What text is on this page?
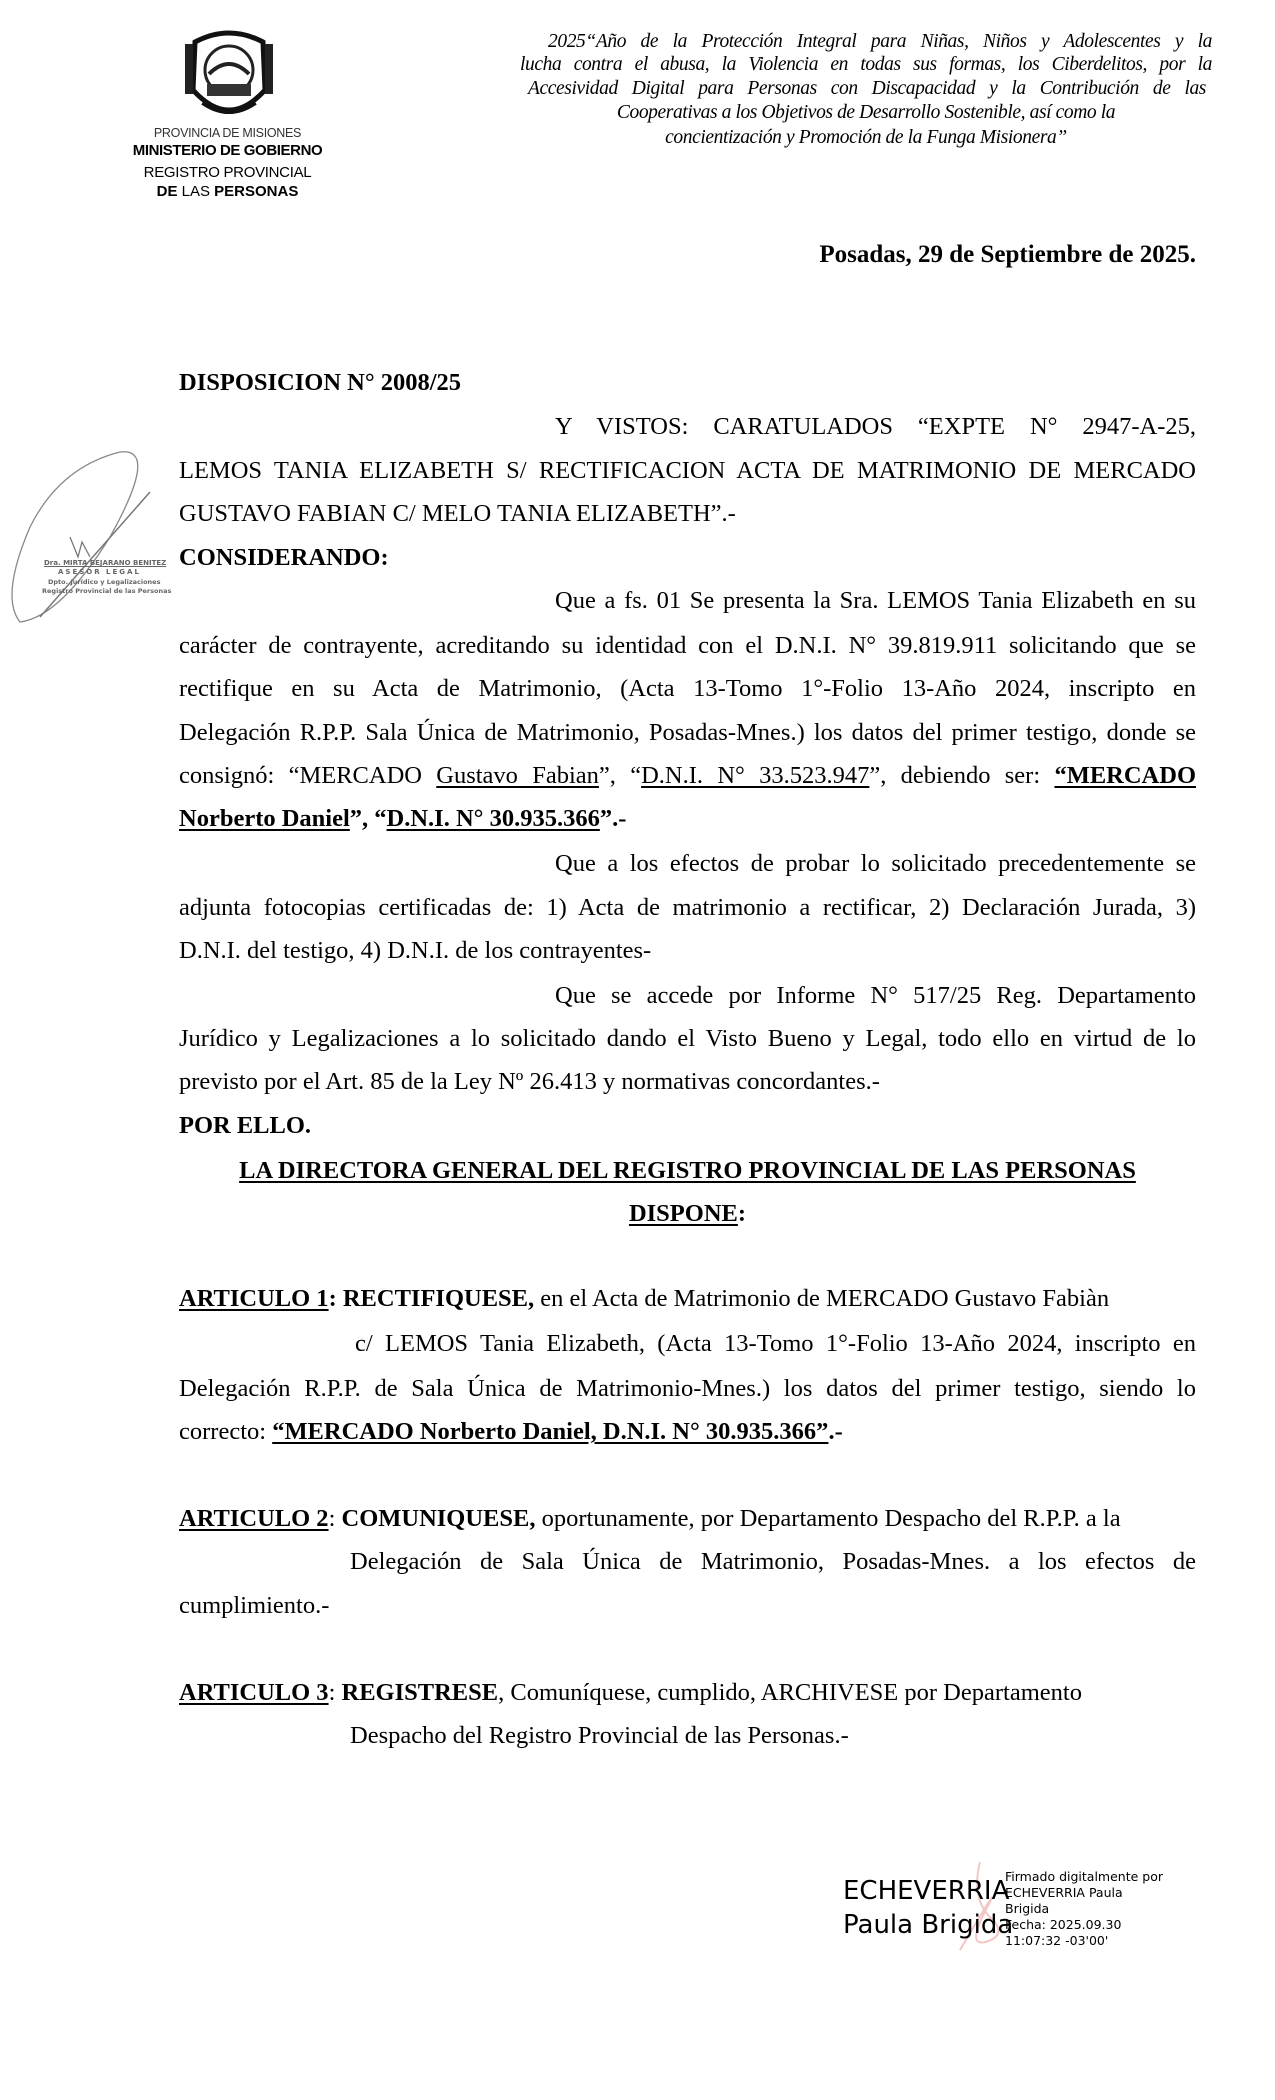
PROVINCIA DE MISIONES
MINISTERIO DE GOBIERNO
REGISTRO PROVINCIAL
DE LAS PERSONAS
2025“Año de la Protección Integral para Niñas, Niños y Adolescentes y la
lucha contra el abusa, la Violencia en todas sus formas, los Ciberdelitos, por la
Accesividad Digital para Personas con Discapacidad y la Contribución de las
Cooperativas a los Objetivos de Desarrollo Sostenible, así como la
concientización y Promoción de la Funga Misionera”
Posadas, 29 de Septiembre de 2025.
Dra. MIRTA BEJARANO BENITEZ
ASESOR LEGAL
Dpto. Jurídico y Legalizaciones
Registro Provincial de las Personas
DISPOSICION N° 2008/25
Y VISTOS: CARATULADOS “EXPTE N° 2947-A-25,
LEMOS TANIA ELIZABETH S/ RECTIFICACION ACTA DE MATRIMONIO DE MERCADO
GUSTAVO FABIAN C/ MELO TANIA ELIZABETH”.-
CONSIDERANDO:
Que a fs. 01 Se presenta la Sra. LEMOS Tania Elizabeth en su
carácter de contrayente, acreditando su identidad con el D.N.I. N° 39.819.911 solicitando que se
rectifique en su Acta de Matrimonio, (Acta 13-Tomo 1°-Folio 13-Año 2024, inscripto en
Delegación R.P.P. Sala Única de Matrimonio, Posadas-Mnes.) los datos del primer testigo, donde se
consignó: “MERCADO Gustavo Fabian”, “D.N.I. N° 33.523.947”, debiendo ser: “MERCADO
Norberto Daniel”, “D.N.I. N° 30.935.366”.-
Que a los efectos de probar lo solicitado precedentemente se
adjunta fotocopias certificadas de: 1) Acta de matrimonio a rectificar, 2) Declaración Jurada, 3)
D.N.I. del testigo, 4) D.N.I. de los contrayentes-
Que se accede por Informe N° 517/25 Reg. Departamento
Jurídico y Legalizaciones a lo solicitado dando el Visto Bueno y Legal, todo ello en virtud de lo
previsto por el Art. 85 de la Ley Nº 26.413 y normativas concordantes.-
POR ELLO.
LA DIRECTORA GENERAL DEL REGISTRO PROVINCIAL DE LAS PERSONAS
DISPONE:
ARTICULO 1: RECTIFIQUESE, en el Acta de Matrimonio de MERCADO Gustavo Fabiàn
c/ LEMOS Tania Elizabeth, (Acta 13-Tomo 1°-Folio 13-Año 2024, inscripto en
Delegación R.P.P. de Sala Única de Matrimonio-Mnes.) los datos del primer testigo, siendo lo
correcto: “MERCADO Norberto Daniel, D.N.I. N° 30.935.366”.-
ARTICULO 2: COMUNIQUESE, oportunamente, por Departamento Despacho del R.P.P. a la
Delegación de Sala Única de Matrimonio, Posadas-Mnes. a los efectos de
cumplimiento.-
ARTICULO 3: REGISTRESE, Comuníquese, cumplido, ARCHIVESE por Departamento
Despacho del Registro Provincial de las Personas.-
ECHEVERRIA
Paula Brigida
Firmado digitalmente por
ECHEVERRIA Paula
Brigida
Fecha: 2025.09.30
11:07:32 -03'00'
